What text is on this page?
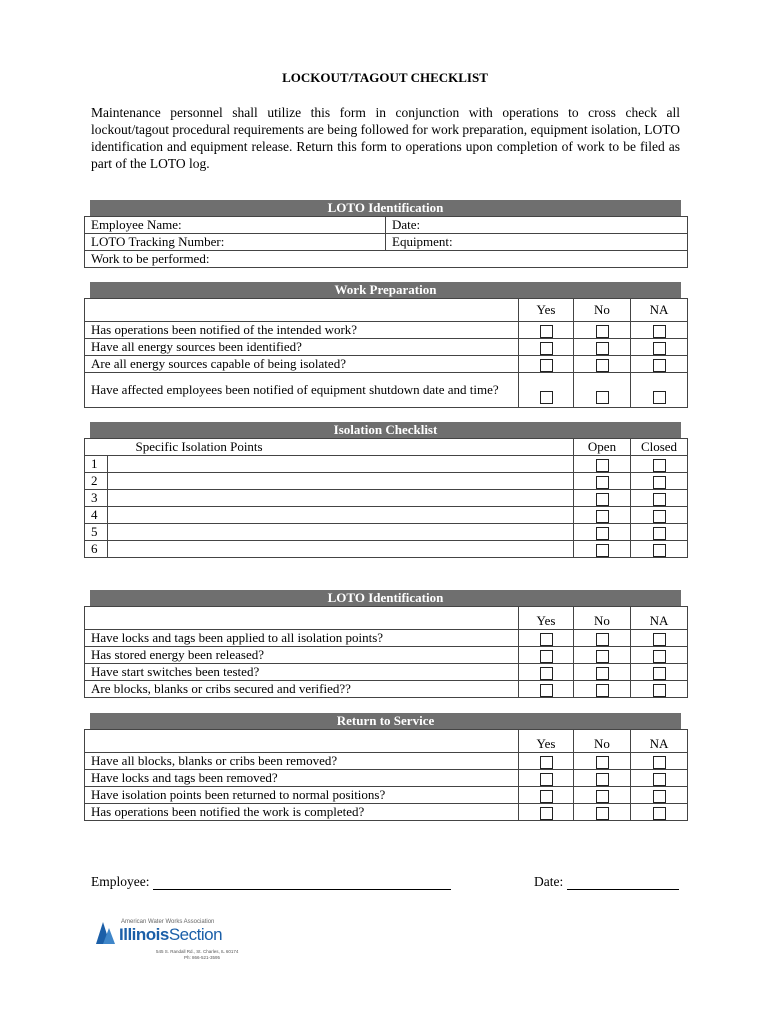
LOCKOUT/TAGOUT CHECKLIST
Maintenance personnel shall utilize this form in conjunction with operations to cross check all lockout/tagout procedural requirements are being followed for work preparation, equipment isolation, LOTO identification and equipment release. Return this form to operations upon completion of work to be filed as part of the LOTO log.
LOTO Identification
Employee Name:	Date:
LOTO Tracking Number:	Equipment:
Work to be performed:	
Work Preparation
	Yes	No	NA
Has operations been notified of the intended work?			
Have all energy sources been identified?			
Are all energy sources capable of being isolated?			
Have affected employees been notified of equipment shutdown date and time?			
Isolation Checklist
	Specific Isolation Points	Open	Closed
1			
2			
3			
4			
5			
6			
LOTO Identification
	Yes	No	NA
Have locks and tags been applied to all isolation points?			
Has stored energy been released?			
Have start switches been tested?			
Are blocks, blanks or cribs secured and verified??			
Return to Service
	Yes	No	NA
Have all blocks, blanks or cribs been removed?			
Have locks and tags been removed?			
Have isolation points been returned to normal positions?			
Has operations been notified the work is completed?			
Employee:	Date:
American Water Works Association
IllinoisSection
545 S. Randall Rd., St. Charles, IL 60174
Ph: 866-521-3595
